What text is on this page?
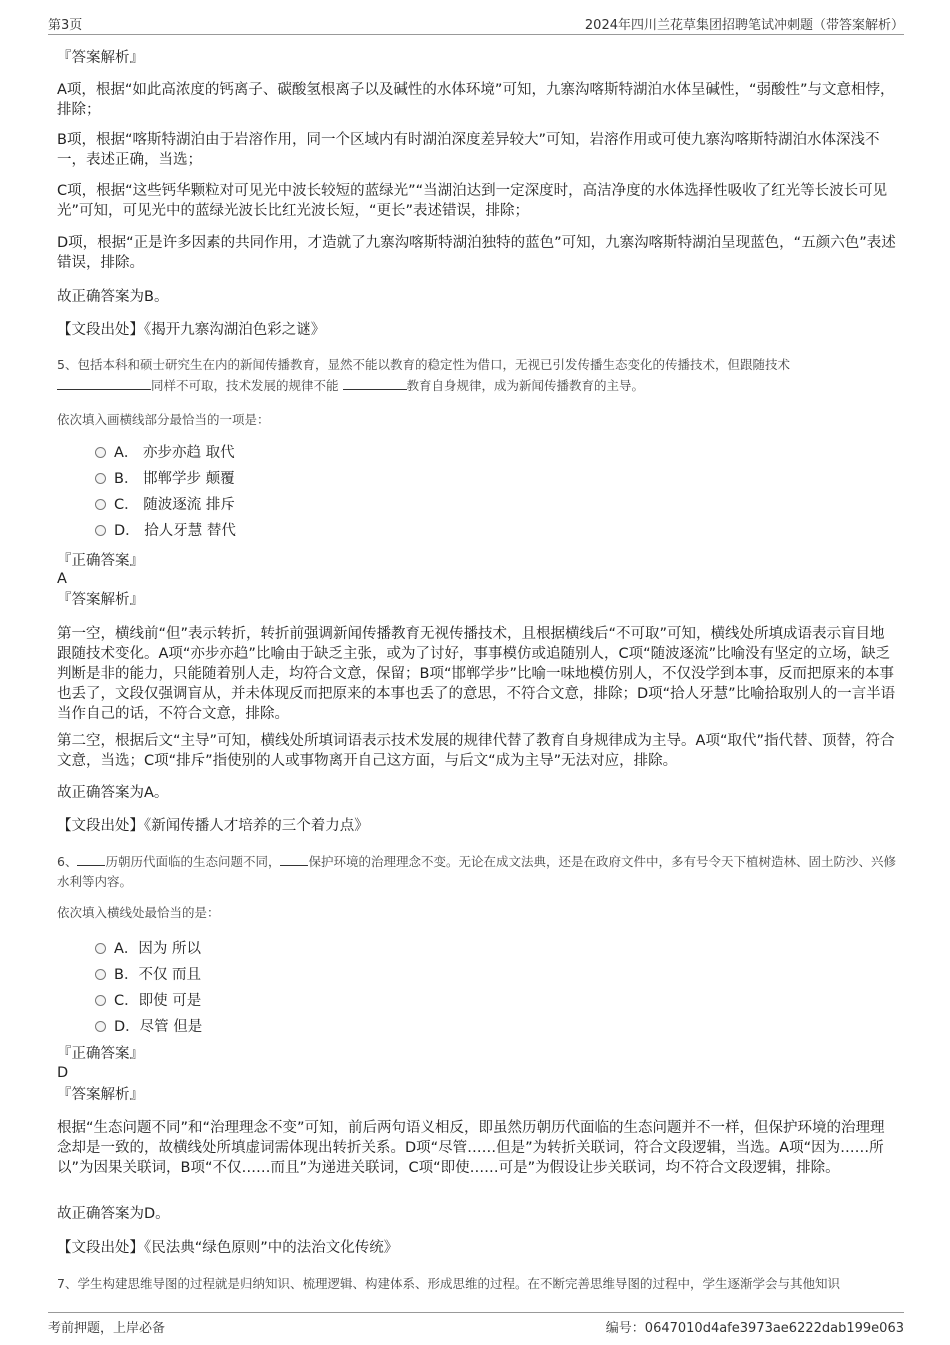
第3页	2024年四川兰花草集团招聘笔试冲刺题（带答案解析）
『答案解析』
A项，根据“如此高浓度的钙离子、碳酸氢根离子以及碱性的水体环境”可知，九寨沟喀斯特湖泊水体呈碱性，“弱酸性”与文意相悖，排除；
B项，根据“喀斯特湖泊由于岩溶作用，同一个区域内有时湖泊深度差异较大”可知，岩溶作用或可使九寨沟喀斯特湖泊水体深浅不一，表述正确，当选；
C项，根据“这些钙华颗粒对可见光中波长较短的蓝绿光”“当湖泊达到一定深度时，高洁净度的水体选择性吸收了红光等长波长可见光”可知，可见光中的蓝绿光波长比红光波长短，“更长”表述错误，排除；
D项，根据“正是许多因素的共同作用，才造就了九寨沟喀斯特湖泊独特的蓝色”可知，九寨沟喀斯特湖泊呈现蓝色，“五颜六色”表述错误，排除。
故正确答案为B。
【文段出处】《揭开九寨沟湖泊色彩之谜》
5、包括本科和硕士研究生在内的新闻传播教育，显然不能以教育的稳定性为借口，无视已引发传播生态变化的传播技术，但跟随技术
同样不可取，技术发展的规律不能	教育自身规律，成为新闻传播教育的主导。
依次填入画横线部分最恰当的一项是：
A． 亦步亦趋 取代
B． 邯郸学步 颠覆
C． 随波逐流 排斥
D． 拾人牙慧 替代
『正确答案』
A
『答案解析』
第一空，横线前“但”表示转折，转折前强调新闻传播教育无视传播技术，且根据横线后“不可取”可知，横线处所填成语表示盲目地跟随技术变化。A项“亦步亦趋”比喻由于缺乏主张，或为了讨好，事事模仿或追随别人，C项“随波逐流”比喻没有坚定的立场，缺乏判断是非的能力，只能随着别人走，均符合文意，保留；B项“邯郸学步”比喻一味地模仿别人，不仅没学到本事，反而把原来的本事也丢了，文段仅强调盲从，并未体现反而把原来的本事也丢了的意思，不符合文意，排除；D项“拾人牙慧”比喻拾取别人的一言半语当作自己的话，不符合文意，排除。
第二空，根据后文“主导”可知，横线处所填词语表示技术发展的规律代替了教育自身规律成为主导。A项“取代”指代替、顶替，符合文意，当选；C项“排斥”指使别的人或事物离开自己这方面，与后文“成为主导”无法对应，排除。
故正确答案为A。
【文段出处】《新闻传播人才培养的三个着力点》
6、 历朝历代面临的生态问题不同， 保护环境的治理理念不变。无论在成文法典，还是在政府文件中，多有号令天下植树造林、固土防沙、兴修水利等内容。
依次填入横线处最恰当的是：
A．因为 所以
B．不仅 而且
C．即使 可是
D．尽管 但是
『正确答案』
D
『答案解析』
根据“生态问题不同”和“治理理念不变”可知，前后两句语义相反，即虽然历朝历代面临的生态问题并不一样，但保护环境的治理理念却是一致的，故横线处所填虚词需体现出转折关系。D项“尽管……但是”为转折关联词，符合文段逻辑，当选。A项“因为……所以”为因果关联词，B项“不仅……而且”为递进关联词，C项“即使……可是”为假设让步关联词，均不符合文段逻辑，排除。
故正确答案为D。
【文段出处】《民法典“绿色原则”中的法治文化传统》
7、学生构建思维导图的过程就是归纳知识、梳理逻辑、构建体系、形成思维的过程。在不断完善思维导图的过程中，学生逐渐学会与其他知识
考前押题，上岸必备	编号：0647010d4afe3973ae6222dab199e063
